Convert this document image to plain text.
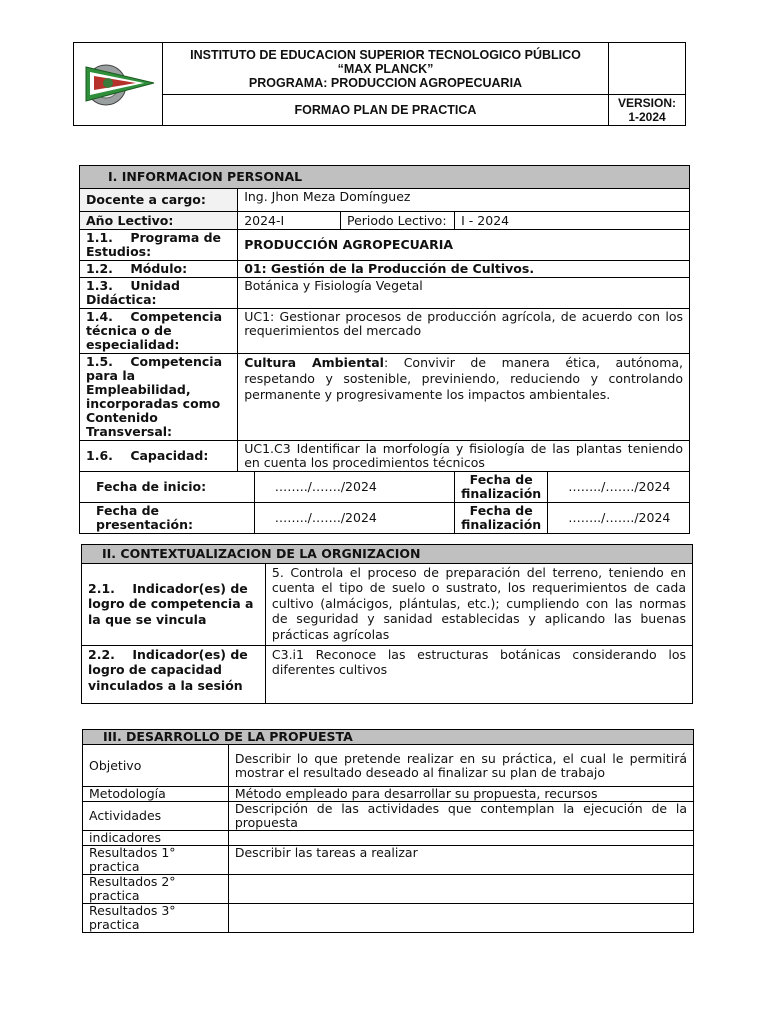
INSTITUTO DE EDUCACION SUPERIOR TECNOLOGICO PÚBLICO
“MAX PLANCK”
PROGRAMA: PRODUCCION AGROPECUARIA	

	FORMAO PLAN DE PRACTICA	VERSION:
1-2024
I. INFORMACION PERSONAL					
Docente a cargo:	Ing. Jhon Meza Domínguez				
Año Lectivo:	2024-I		Periodo Lectivo:	I - 2024	
1.1. Programa de Estudios:	PRODUCCIÓN AGROPECUARIA				
1.2. Módulo:	01: Gestión de la Producción de Cultivos.				
1.3. Unidad Didáctica:	Botánica y Fisiología Vegetal				
1.4. Competencia técnica o de especialidad:	UC1: Gestionar procesos de producción agrícola, de acuerdo con los requerimientos del mercado				
1.5. Competencia para la Empleabilidad, incorporadas como Contenido Transversal:	Cultura Ambiental: Convivir de manera ética, autónoma, respetando y sostenible, previniendo, reduciendo y controlando permanente y progresivamente los impactos ambientales.				
1.6. Capacidad:	UC1.C3 Identificar la morfología y fisiología de las plantas teniendo en cuenta los procedimientos técnicos				
Fecha de inicio:		……../……./2024		Fecha de finalización	……../……./2024
Fecha de presentación:		……../……./2024		Fecha de finalización	……../……./2024
II. CONTEXTUALIZACION DE LA ORGNIZACION	
2.1. Indicador(es) de logro de competencia a la que se vincula	5. Controla el proceso de preparación del terreno, teniendo en cuenta el tipo de suelo o sustrato, los requerimientos de cada cultivo (almácigos, plántulas, etc.); cumpliendo con las normas de seguridad y sanidad establecidas y aplicando las buenas prácticas agrícolas
2.2. Indicador(es) de logro de capacidad vinculados a la sesión	C3.i1 Reconoce las estructuras botánicas considerando los diferentes cultivos
III. DESARROLLO DE LA PROPUESTA	
Objetivo	Describir lo que pretende realizar en su práctica, el cual le permitirá mostrar el resultado deseado al finalizar su plan de trabajo
Metodología	Método empleado para desarrollar su propuesta, recursos
Actividades	Descripción de las actividades que contemplan la ejecución de la propuesta
indicadores	
Resultados 1° practica	Describir las tareas a realizar
Resultados 2° practica	
Resultados 3° practica	
